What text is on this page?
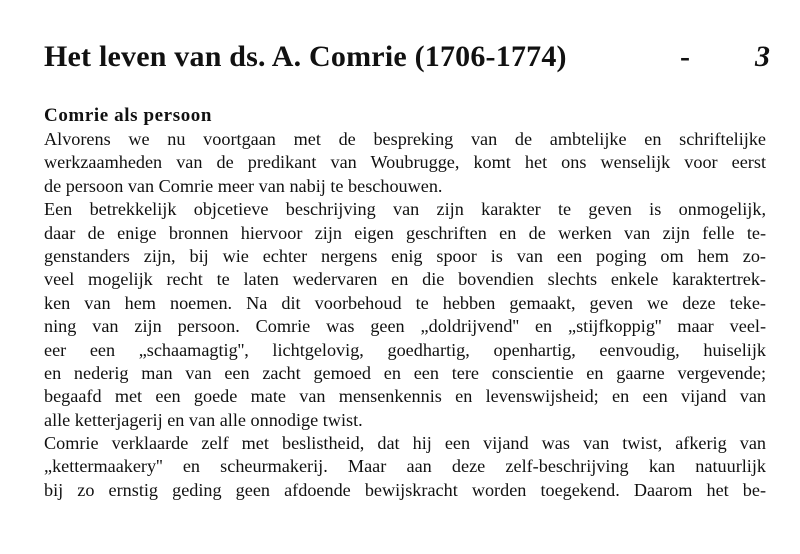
Het leven van ds. A. Comrie (1706-1774)	- 3
Comrie als persoon
Alvorens we nu voortgaan met de bespreking van de ambtelijke en schriftelijke
werkzaamheden van de predikant van Woubrugge, komt het ons wenselijk voor eerst
de persoon van Comrie meer van nabij te beschouwen.
Een betrekkelijk objcetieve beschrijving van zijn karakter te geven is onmogelijk,
daar de enige bronnen hiervoor zijn eigen geschriften en de werken van zijn felle te-
genstanders zijn, bij wie echter nergens enig spoor is van een poging om hem zo-
veel mogelijk recht te laten wedervaren en die bovendien slechts enkele karaktertrek-
ken van hem noemen. Na dit voorbehoud te hebben gemaakt, geven we deze teke-
ning van zijn persoon. Comrie was geen „doldrijvend'' en „stijfkoppig'' maar veel-
eer een „schaamagtig'', lichtgelovig, goedhartig, openhartig, eenvoudig, huiselijk
en nederig man van een zacht gemoed en een tere conscientie en gaarne vergevende;
begaafd met een goede mate van mensenkennis en levenswijsheid; en een vijand van
alle ketterjagerij en van alle onnodige twist.
Comrie verklaarde zelf met beslistheid, dat hij een vijand was van twist, afkerig van
„kettermaakery'' en scheurmakerij. Maar aan deze zelf-beschrijving kan natuurlijk
bij zo ernstig geding geen afdoende bewijskracht worden toegekend. Daarom het be-
